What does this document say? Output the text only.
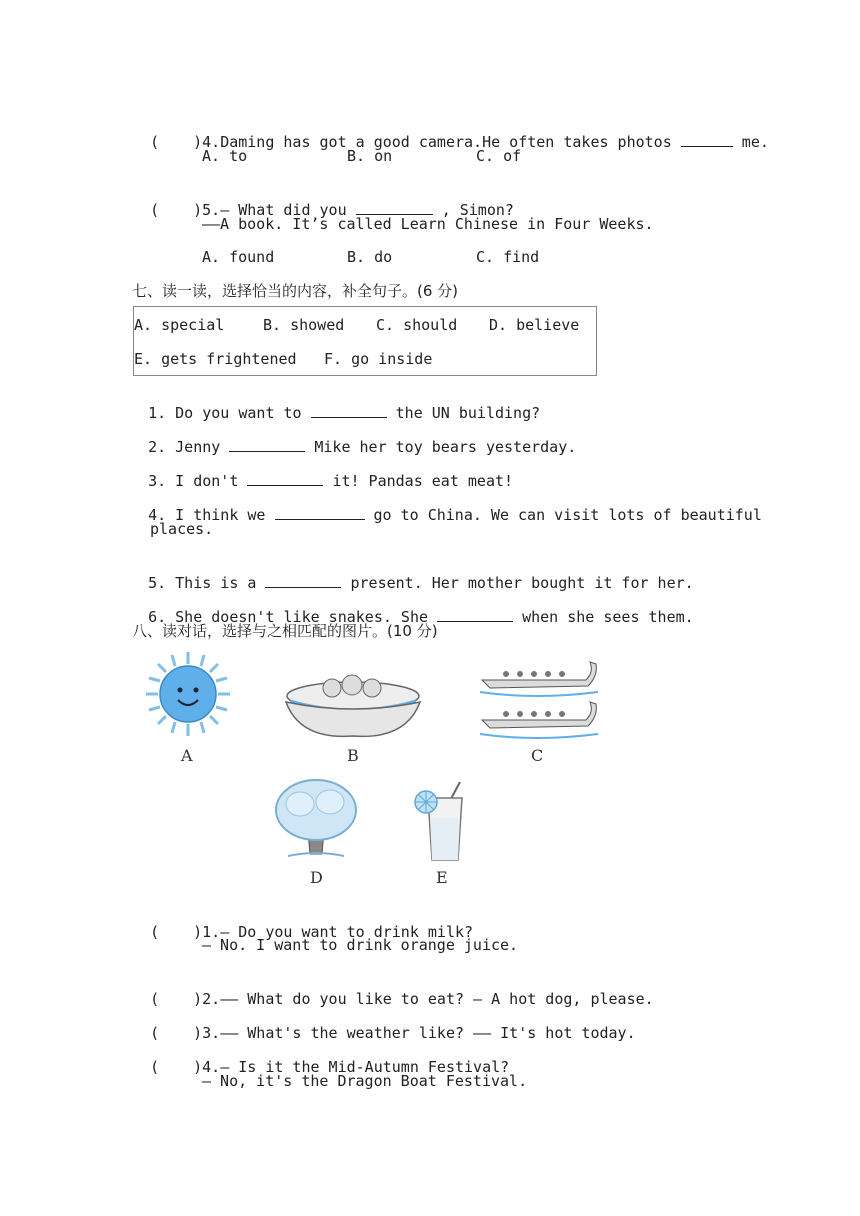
( )4.Daming has got a good camera.He often takes photos	me.

A. to	B. on	C. of

( )5.— What did you	, Simon?

——A book. It’s called Learn Chinese in Four Weeks.
A. found	B. do	C. find
七、读一读，选择恰当的内容，补全句子。(6 分)
A. special	B. showed C. should D. believe
E. gets frightened F. go inside

1. Do you want to	the UN building?

2. Jenny	Mike her toy bears yesterday.

3. I don't	it! Pandas eat meat!

4. I think we	go to China. We can visit lots of beautiful

places.

5. This is a	present. Her mother bought it for her.

6. She doesn't like snakes. She	when she sees them.

八、读对话，选择与之相匹配的图片。(10 分)
A	B	C
D	E

( )1.— Do you want to drink milk?

— No. I want to drink orange juice.

( )2.—— What do you like to eat? — A hot dog, please.

( )3.—— What's the weather like? —— It's hot today.

( )4.— Is it the Mid-Autumn Festival?

— No, it's the Dragon Boat Festival.
